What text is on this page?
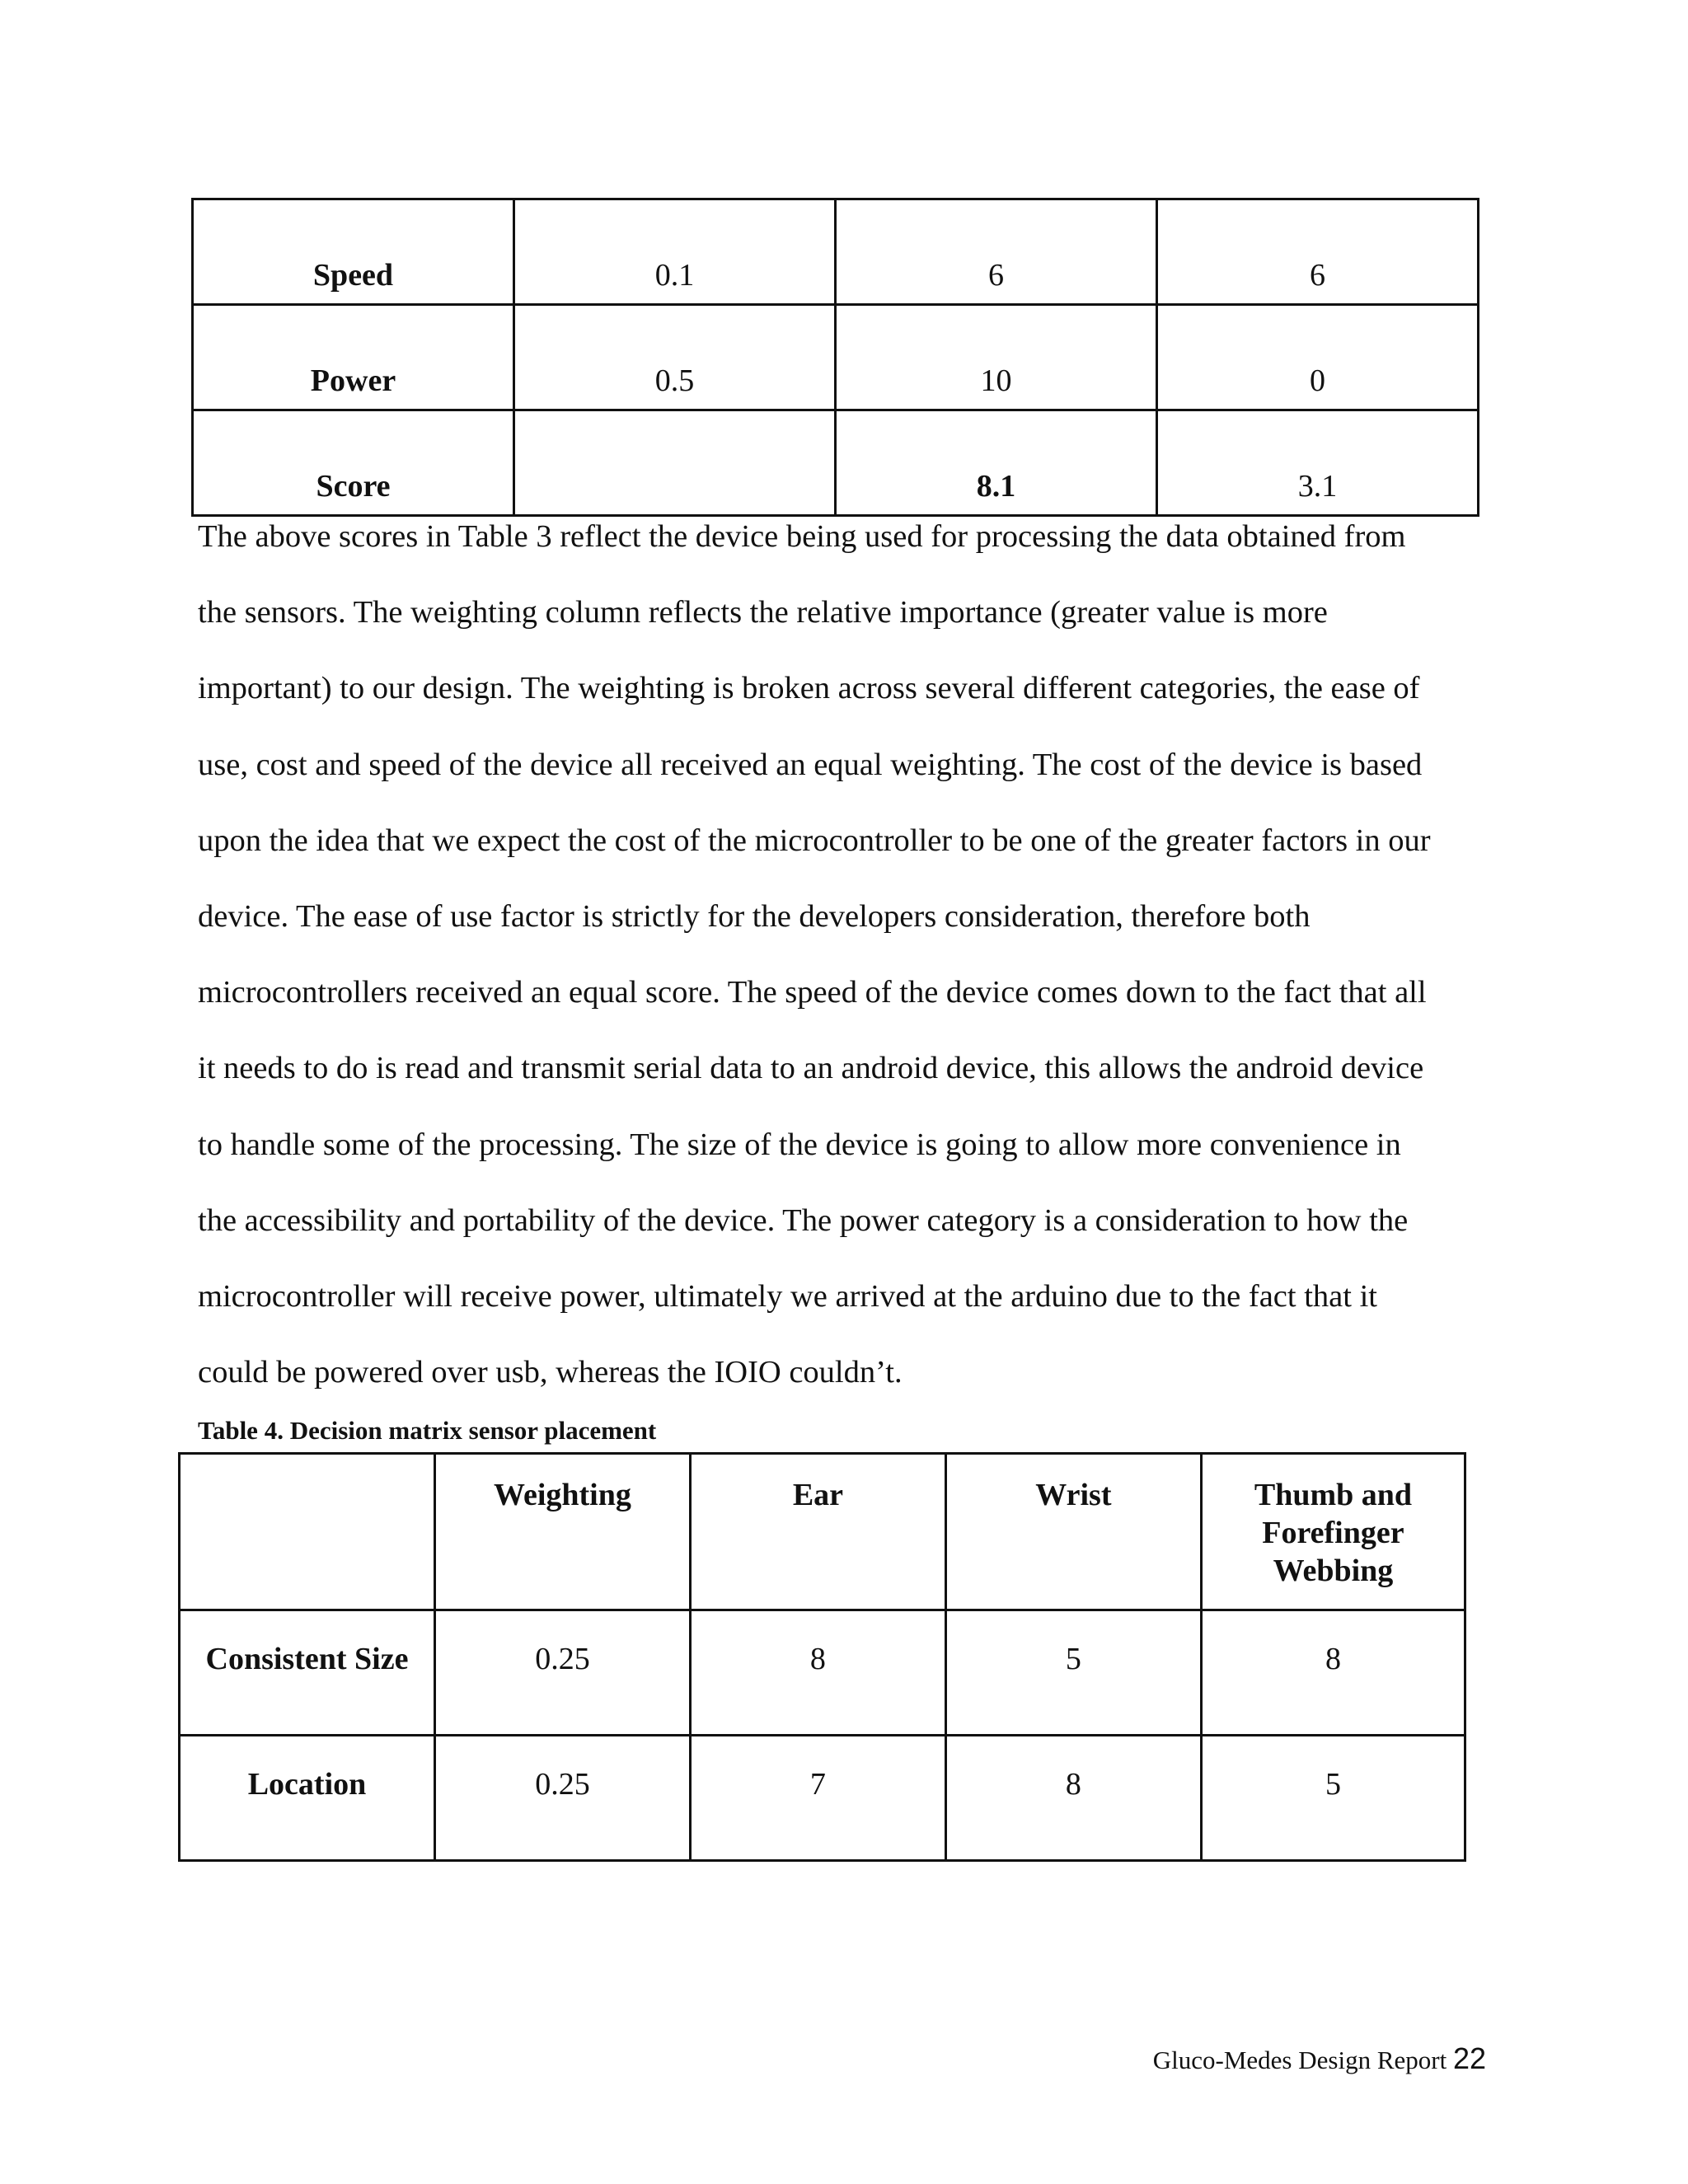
Speed	0.1	6	6
Power	0.5	10	0
Score		8.1	3.1

The above scores in Table 3 reflect the device being used for processing the data obtained from
the sensors. The weighting column reflects the relative importance (greater value is more
important) to our design. The weighting is broken across several different categories, the ease of
use, cost and speed of the device all received an equal weighting. The cost of the device is based
upon the idea that we expect the cost of the microcontroller to be one of the greater factors in our
device. The ease of use factor is strictly for the developers consideration, therefore both
microcontrollers received an equal score. The speed of the device comes down to the fact that all
it needs to do is read and transmit serial data to an android device, this allows the android device
to handle some of the processing. The size of the device is going to allow more convenience in
the accessibility and portability of the device. The power category is a consideration to how the
microcontroller will receive power, ultimately we arrived at the arduino due to the fact that it
could be powered over usb, whereas the IOIO couldn’t.

Table 4. Decision matrix sensor placement

	Weighting	Ear	Wrist	Thumb and
Forefinger
Webbing
Consistent Size	0.25	8	5	8
Location	0.25	7	8	5

Gluco-Medes Design Report 22
